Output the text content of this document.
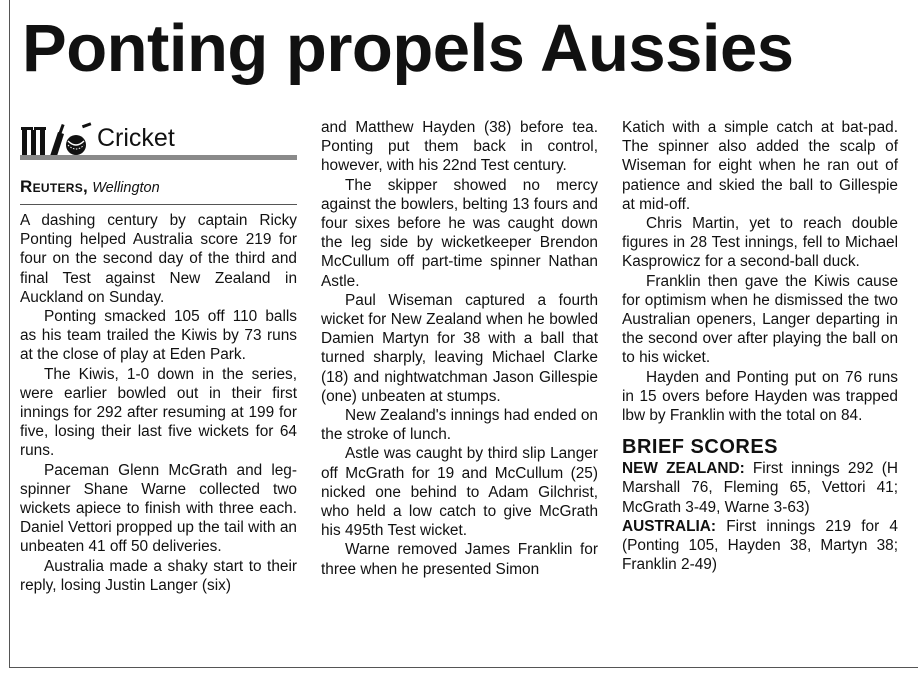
Ponting propels Aussies
Cricket
Reuters, Wellington

A dashing century by captain Ricky Ponting helped Australia score 219 for four on the second day of the third and final Test against New Zealand in Auckland on Sunday.

Ponting smacked 105 off 110 balls as his team trailed the Kiwis by 73 runs at the close of play at Eden Park.

The Kiwis, 1-0 down in the series, were earlier bowled out in their first innings for 292 after resuming at 199 for five, losing their last five wickets for 64 runs.

Paceman Glenn McGrath and leg-spinner Shane Warne collected two wickets apiece to finish with three each. Daniel Vettori propped up the tail with an unbeaten 41 off 50 deliveries.

Australia made a shaky start to their reply, losing Justin Langer (six)

and Matthew Hayden (38) before tea. Ponting put them back in control, however, with his 22nd Test century.

The skipper showed no mercy against the bowlers, belting 13 fours and four sixes before he was caught down the leg side by wicketkeeper Brendon McCullum off part-time spinner Nathan Astle.

Paul Wiseman captured a fourth wicket for New Zealand when he bowled Damien Martyn for 38 with a ball that turned sharply, leaving Michael Clarke (18) and nightwatchman Jason Gillespie (one) unbeaten at stumps.

New Zealand's innings had ended on the stroke of lunch.

Astle was caught by third slip Langer off McGrath for 19 and McCullum (25) nicked one behind to Adam Gilchrist, who held a low catch to give McGrath his 495th Test wicket.

Warne removed James Franklin for three when he presented Simon

Katich with a simple catch at bat-pad. The spinner also added the scalp of Wiseman for eight when he ran out of patience and skied the ball to Gillespie at mid-off.

Chris Martin, yet to reach double figures in 28 Test innings, fell to Michael Kasprowicz for a second-ball duck.

Franklin then gave the Kiwis cause for optimism when he dismissed the two Australian openers, Langer departing in the second over after playing the ball on to his wicket.

Hayden and Ponting put on 76 runs in 15 overs before Hayden was trapped lbw by Franklin with the total on 84.

BRIEF SCORES

NEW ZEALAND: First innings 292 (H Marshall 76, Fleming 65, Vettori 41; McGrath 3-49, Warne 3-63)

AUSTRALIA: First innings 219 for 4 (Ponting 105, Hayden 38, Martyn 38; Franklin 2-49)
